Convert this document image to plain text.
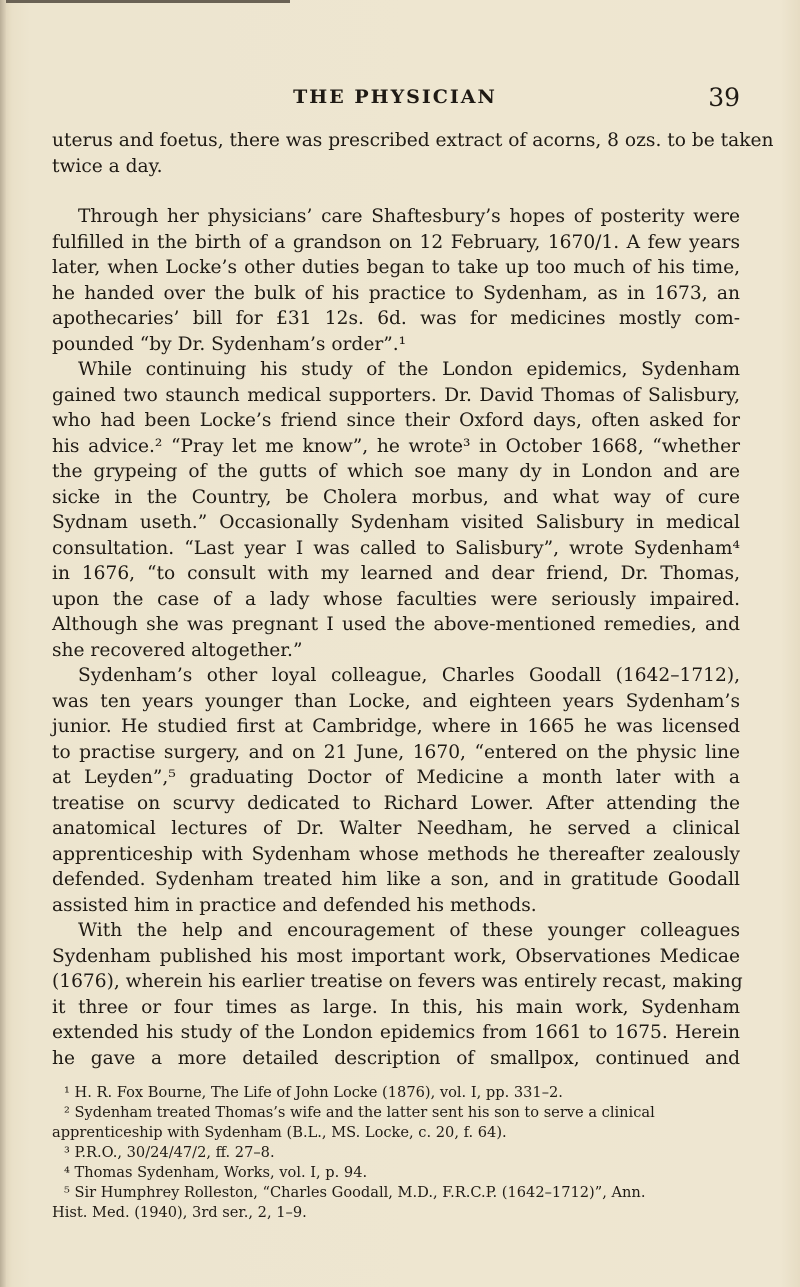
THE PHYSICIAN	39

uterus and foetus, there was prescribed extract of acorns, 8 ozs. to be taken
twice a day.

Through her physicians’ care Shaftesbury’s hopes of posterity were
fulfilled in the birth of a grandson on 12 February, 1670/1. A few years
later, when Locke’s other duties began to take up too much of his time,
he handed over the bulk of his practice to Sydenham, as in 1673, an
apothecaries’ bill for £31 12s. 6d. was for medicines mostly com-
pounded “by Dr. Sydenham’s order”.¹

While continuing his study of the London epidemics, Sydenham
gained two staunch medical supporters. Dr. David Thomas of Salisbury,
who had been Locke’s friend since their Oxford days, often asked for
his advice.² “Pray let me know”, he wrote³ in October 1668, “whether
the grypeing of the gutts of which soe many dy in London and are
sicke in the Country, be Cholera morbus, and what way of cure
Sydnam useth.” Occasionally Sydenham visited Salisbury in medical
consultation. “Last year I was called to Salisbury”, wrote Sydenham⁴
in 1676, “to consult with my learned and dear friend, Dr. Thomas,
upon the case of a lady whose faculties were seriously impaired.
Although she was pregnant I used the above-mentioned remedies, and
she recovered altogether.”

Sydenham’s other loyal colleague, Charles Goodall (1642–1712),
was ten years younger than Locke, and eighteen years Sydenham’s
junior. He studied first at Cambridge, where in 1665 he was licensed
to practise surgery, and on 21 June, 1670, “entered on the physic line
at Leyden”,⁵ graduating Doctor of Medicine a month later with a
treatise on scurvy dedicated to Richard Lower. After attending the
anatomical lectures of Dr. Walter Needham, he served a clinical
apprenticeship with Sydenham whose methods he thereafter zealously
defended. Sydenham treated him like a son, and in gratitude Goodall
assisted him in practice and defended his methods.

With the help and encouragement of these younger colleagues
Sydenham published his most important work, Observationes Medicae
(1676), wherein his earlier treatise on fevers was entirely recast, making
it three or four times as large. In this, his main work, Sydenham
extended his study of the London epidemics from 1661 to 1675. Herein
he gave a more detailed description of smallpox, continued and

¹ H. R. Fox Bourne, The Life of John Locke (1876), vol. I, pp. 331–2.
² Sydenham treated Thomas’s wife and the latter sent his son to serve a clinical
apprenticeship with Sydenham (B.L., MS. Locke, c. 20, f. 64).
³ P.R.O., 30/24/47/2, ff. 27–8.
⁴ Thomas Sydenham, Works, vol. I, p. 94.
⁵ Sir Humphrey Rolleston, “Charles Goodall, M.D., F.R.C.P. (1642–1712)”, Ann.
Hist. Med. (1940), 3rd ser., 2, 1–9.
